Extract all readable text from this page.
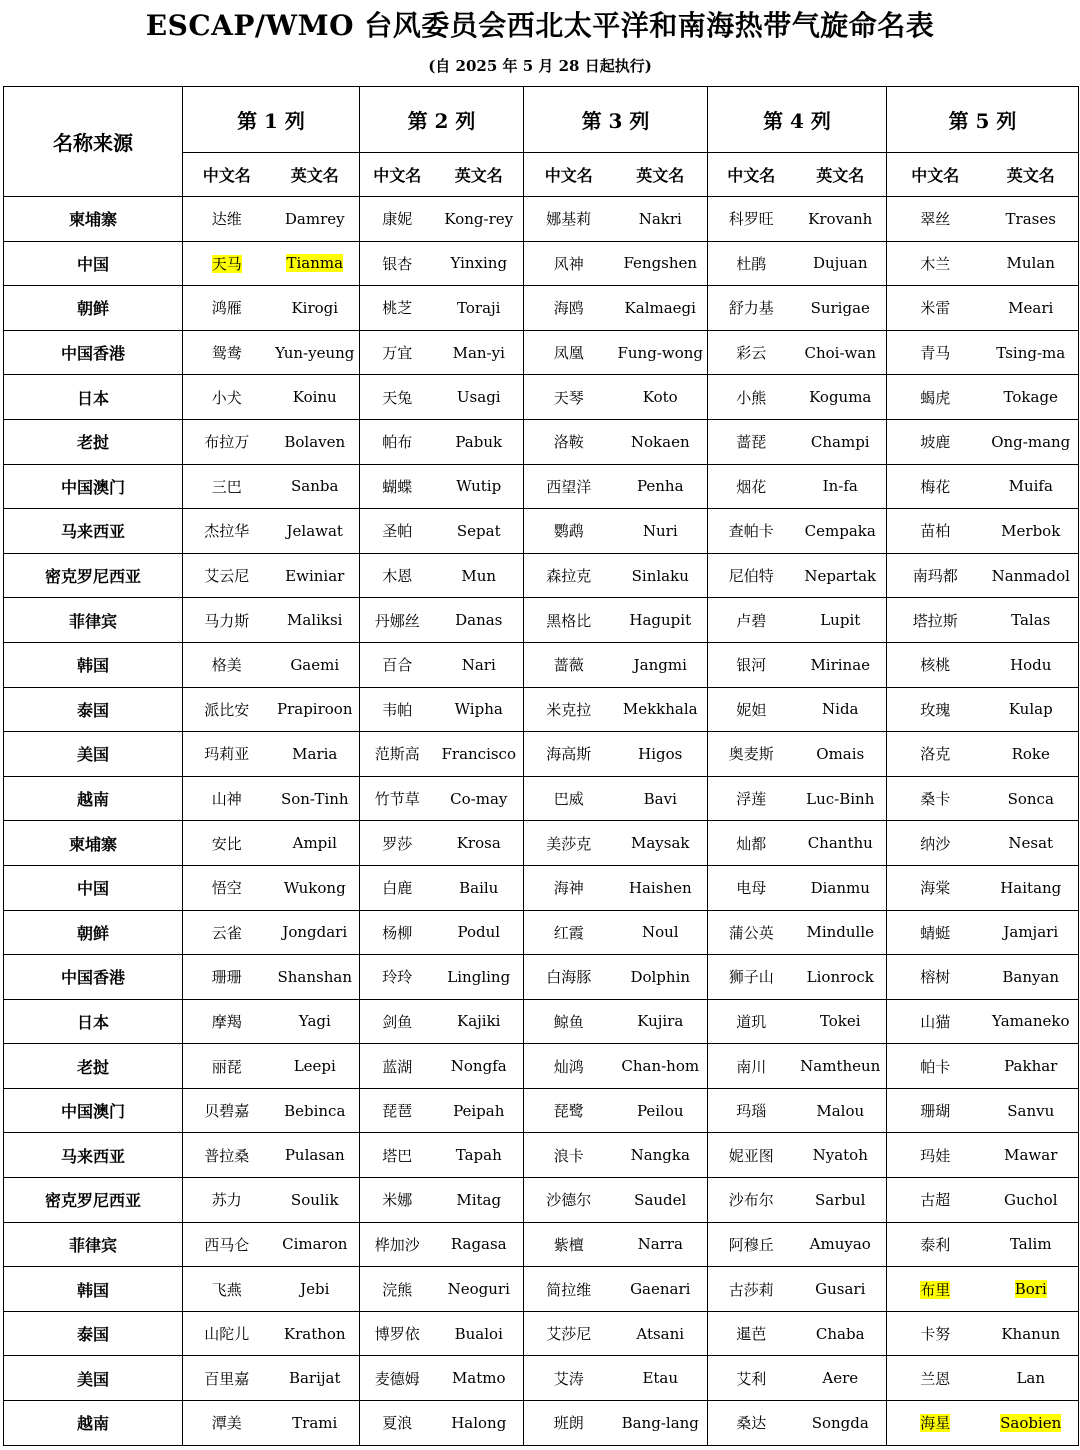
ESCAP/WMO 台风委员会西北太平洋和南海热带气旋命名表
(自 2025 年 5 月 28 日起执行)
名称来源	第 1 列		第 2 列		第 3 列		第 4 列		第 5 列	
	中文名	英文名	中文名	英文名	中文名	英文名	中文名	英文名	中文名	英文名
柬埔寨	达维	Damrey	康妮	Kong-rey	娜基莉	Nakri	科罗旺	Krovanh	翠丝	Trases
中国	天马	Tianma	银杏	Yinxing	风神	Fengshen	杜鹃	Dujuan	木兰	Mulan
朝鲜	鸿雁	Kirogi	桃芝	Toraji	海鸥	Kalmaegi	舒力基	Surigae	米雷	Meari
中国香港	鸳鸯	Yun-yeung	万宜	Man-yi	凤凰	Fung-wong	彩云	Choi-wan	青马	Tsing-ma
日本	小犬	Koinu	天兔	Usagi	天琴	Koto	小熊	Koguma	蝎虎	Tokage
老挝	布拉万	Bolaven	帕布	Pabuk	洛鞍	Nokaen	蔷琵	Champi	坡鹿	Ong-mang
中国澳门	三巴	Sanba	蝴蝶	Wutip	西望洋	Penha	烟花	In-fa	梅花	Muifa
马来西亚	杰拉华	Jelawat	圣帕	Sepat	鹦鹉	Nuri	查帕卡	Cempaka	苗柏	Merbok
密克罗尼西亚	艾云尼	Ewiniar	木恩	Mun	森拉克	Sinlaku	尼伯特	Nepartak	南玛都	Nanmadol
菲律宾	马力斯	Maliksi	丹娜丝	Danas	黑格比	Hagupit	卢碧	Lupit	塔拉斯	Talas
韩国	格美	Gaemi	百合	Nari	蔷薇	Jangmi	银河	Mirinae	核桃	Hodu
泰国	派比安	Prapiroon	韦帕	Wipha	米克拉	Mekkhala	妮妲	Nida	玫瑰	Kulap
美国	玛莉亚	Maria	范斯高	Francisco	海高斯	Higos	奥麦斯	Omais	洛克	Roke
越南	山神	Son-Tinh	竹节草	Co-may	巴威	Bavi	浮莲	Luc-Binh	桑卡	Sonca
柬埔寨	安比	Ampil	罗莎	Krosa	美莎克	Maysak	灿都	Chanthu	纳沙	Nesat
中国	悟空	Wukong	白鹿	Bailu	海神	Haishen	电母	Dianmu	海棠	Haitang
朝鲜	云雀	Jongdari	杨柳	Podul	红霞	Noul	蒲公英	Mindulle	蜻蜓	Jamjari
中国香港	珊珊	Shanshan	玲玲	Lingling	白海豚	Dolphin	狮子山	Lionrock	榕树	Banyan
日本	摩羯	Yagi	剑鱼	Kajiki	鲸鱼	Kujira	道玑	Tokei	山猫	Yamaneko
老挝	丽琵	Leepi	蓝湖	Nongfa	灿鸿	Chan-hom	南川	Namtheun	帕卡	Pakhar
中国澳门	贝碧嘉	Bebinca	琵琶	Peipah	琵鹭	Peilou	玛瑙	Malou	珊瑚	Sanvu
马来西亚	普拉桑	Pulasan	塔巴	Tapah	浪卡	Nangka	妮亚图	Nyatoh	玛娃	Mawar
密克罗尼西亚	苏力	Soulik	米娜	Mitag	沙德尔	Saudel	沙布尔	Sarbul	古超	Guchol
菲律宾	西马仑	Cimaron	桦加沙	Ragasa	紫檀	Narra	阿穆丘	Amuyao	泰利	Talim
韩国	飞燕	Jebi	浣熊	Neoguri	简拉维	Gaenari	古莎莉	Gusari	布里	Bori
泰国	山陀儿	Krathon	博罗依	Bualoi	艾莎尼	Atsani	暹芭	Chaba	卡努	Khanun
美国	百里嘉	Barijat	麦德姆	Matmo	艾涛	Etau	艾利	Aere	兰恩	Lan
越南	潭美	Trami	夏浪	Halong	班朗	Bang-lang	桑达	Songda	海星	Saobien
